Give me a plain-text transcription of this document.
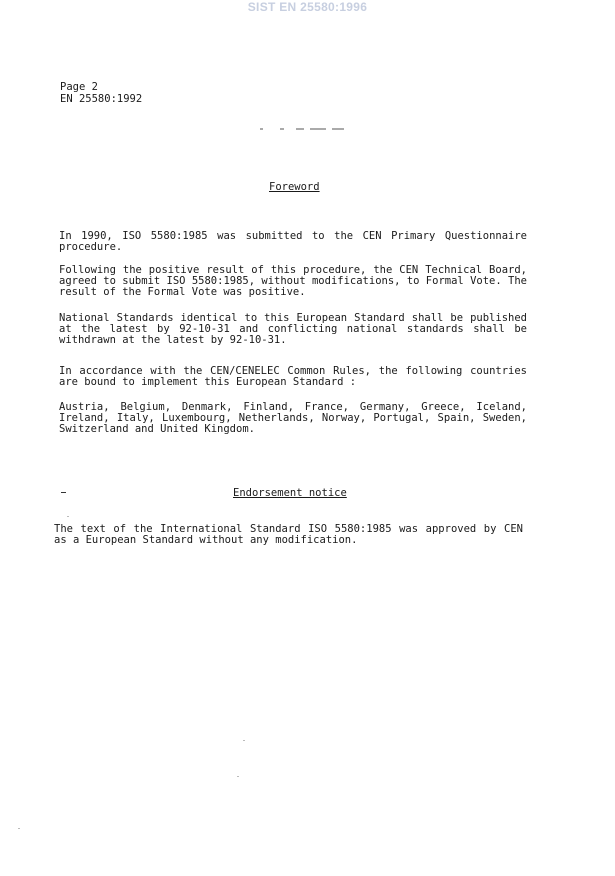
SIST EN 25580:1996
Page 2
EN 25580:1992
Foreword
In 1990, ISO 5580:1985 was submitted to the CEN Primary Questionnaire procedure.
Following the positive result of this procedure, the CEN Technical Board, agreed to submit ISO 5580:1985, without modifications, to Formal Vote. The result of the Formal Vote was positive.
National Standards identical to this European Standard shall be published at the latest by 92-10-31 and conflicting national standards shall be withdrawn at the latest by 92-10-31.
In accordance with the CEN/CENELEC Common Rules, the following countries are bound to implement this European Standard :
Austria, Belgium, Denmark, Finland, France, Germany, Greece, Iceland, Ireland, Italy, Luxembourg, Netherlands, Norway, Portugal, Spain, Sweden, Switzerland and United Kingdom.
Endorsement notice
The text of the International Standard ISO 5580:1985 was approved by CEN as a European Standard without any modification.
